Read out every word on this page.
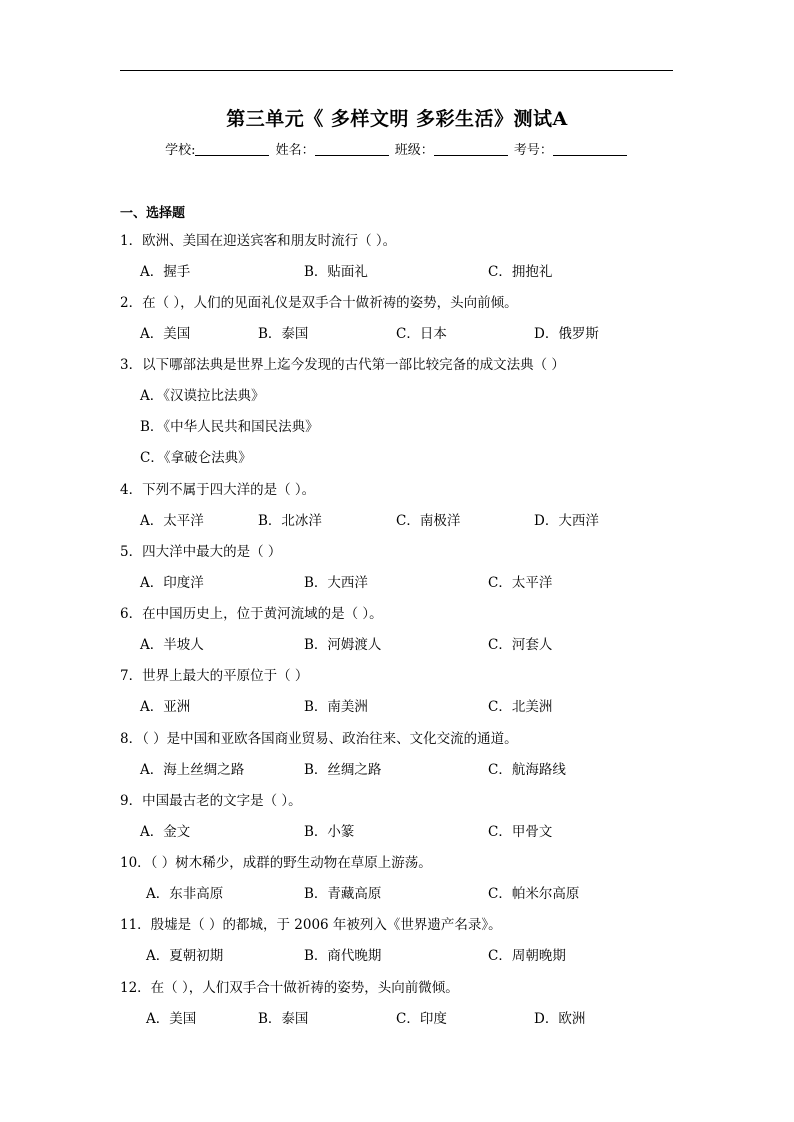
第三单元《 多样文明 多彩生活》测试A
学校:	姓名：	班级：	考号：
一、选择题
1．欧洲、美国在迎送宾客和朋友时流行（ ）。
A．握手	B．贴面礼	C．拥抱礼
2．在（ ），人们的见面礼仪是双手合十做祈祷的姿势，头向前倾。
A．美国	B．泰国	C．日本	D．俄罗斯
3．以下哪部法典是世界上迄今发现的古代第一部比较完备的成文法典（ ）
A．《汉谟拉比法典》
B．《中华人民共和国民法典》
C．《拿破仑法典》
4．下列不属于四大洋的是（ ）。
A．太平洋	B．北冰洋	C．南极洋	D．大西洋
5．四大洋中最大的是（ ）
A．印度洋	B．大西洋	C．太平洋
6．在中国历史上，位于黄河流域的是（ ）。
A．半坡人	B．河姆渡人	C．河套人
7．世界上最大的平原位于（ ）
A．亚洲	B．南美洲	C．北美洲
8．（ ）是中国和亚欧各国商业贸易、政治往来、文化交流的通道。
A．海上丝绸之路	B．丝绸之路	C．航海路线
9．中国最古老的文字是（ ）。
A．金文	B．小篆	C．甲骨文
10．（ ）树木稀少，成群的野生动物在草原上游荡。
A．东非高原	B．青藏高原	C．帕米尔高原
11．殷墟是（ ）的都城，于 2006 年被列入《世界遗产名录》。
A．夏朝初期	B．商代晚期	C．周朝晚期
12．在（ ），人们双手合十做祈祷的姿势，头向前微倾。
A．美国	B．泰国	C．印度	D．欧洲
